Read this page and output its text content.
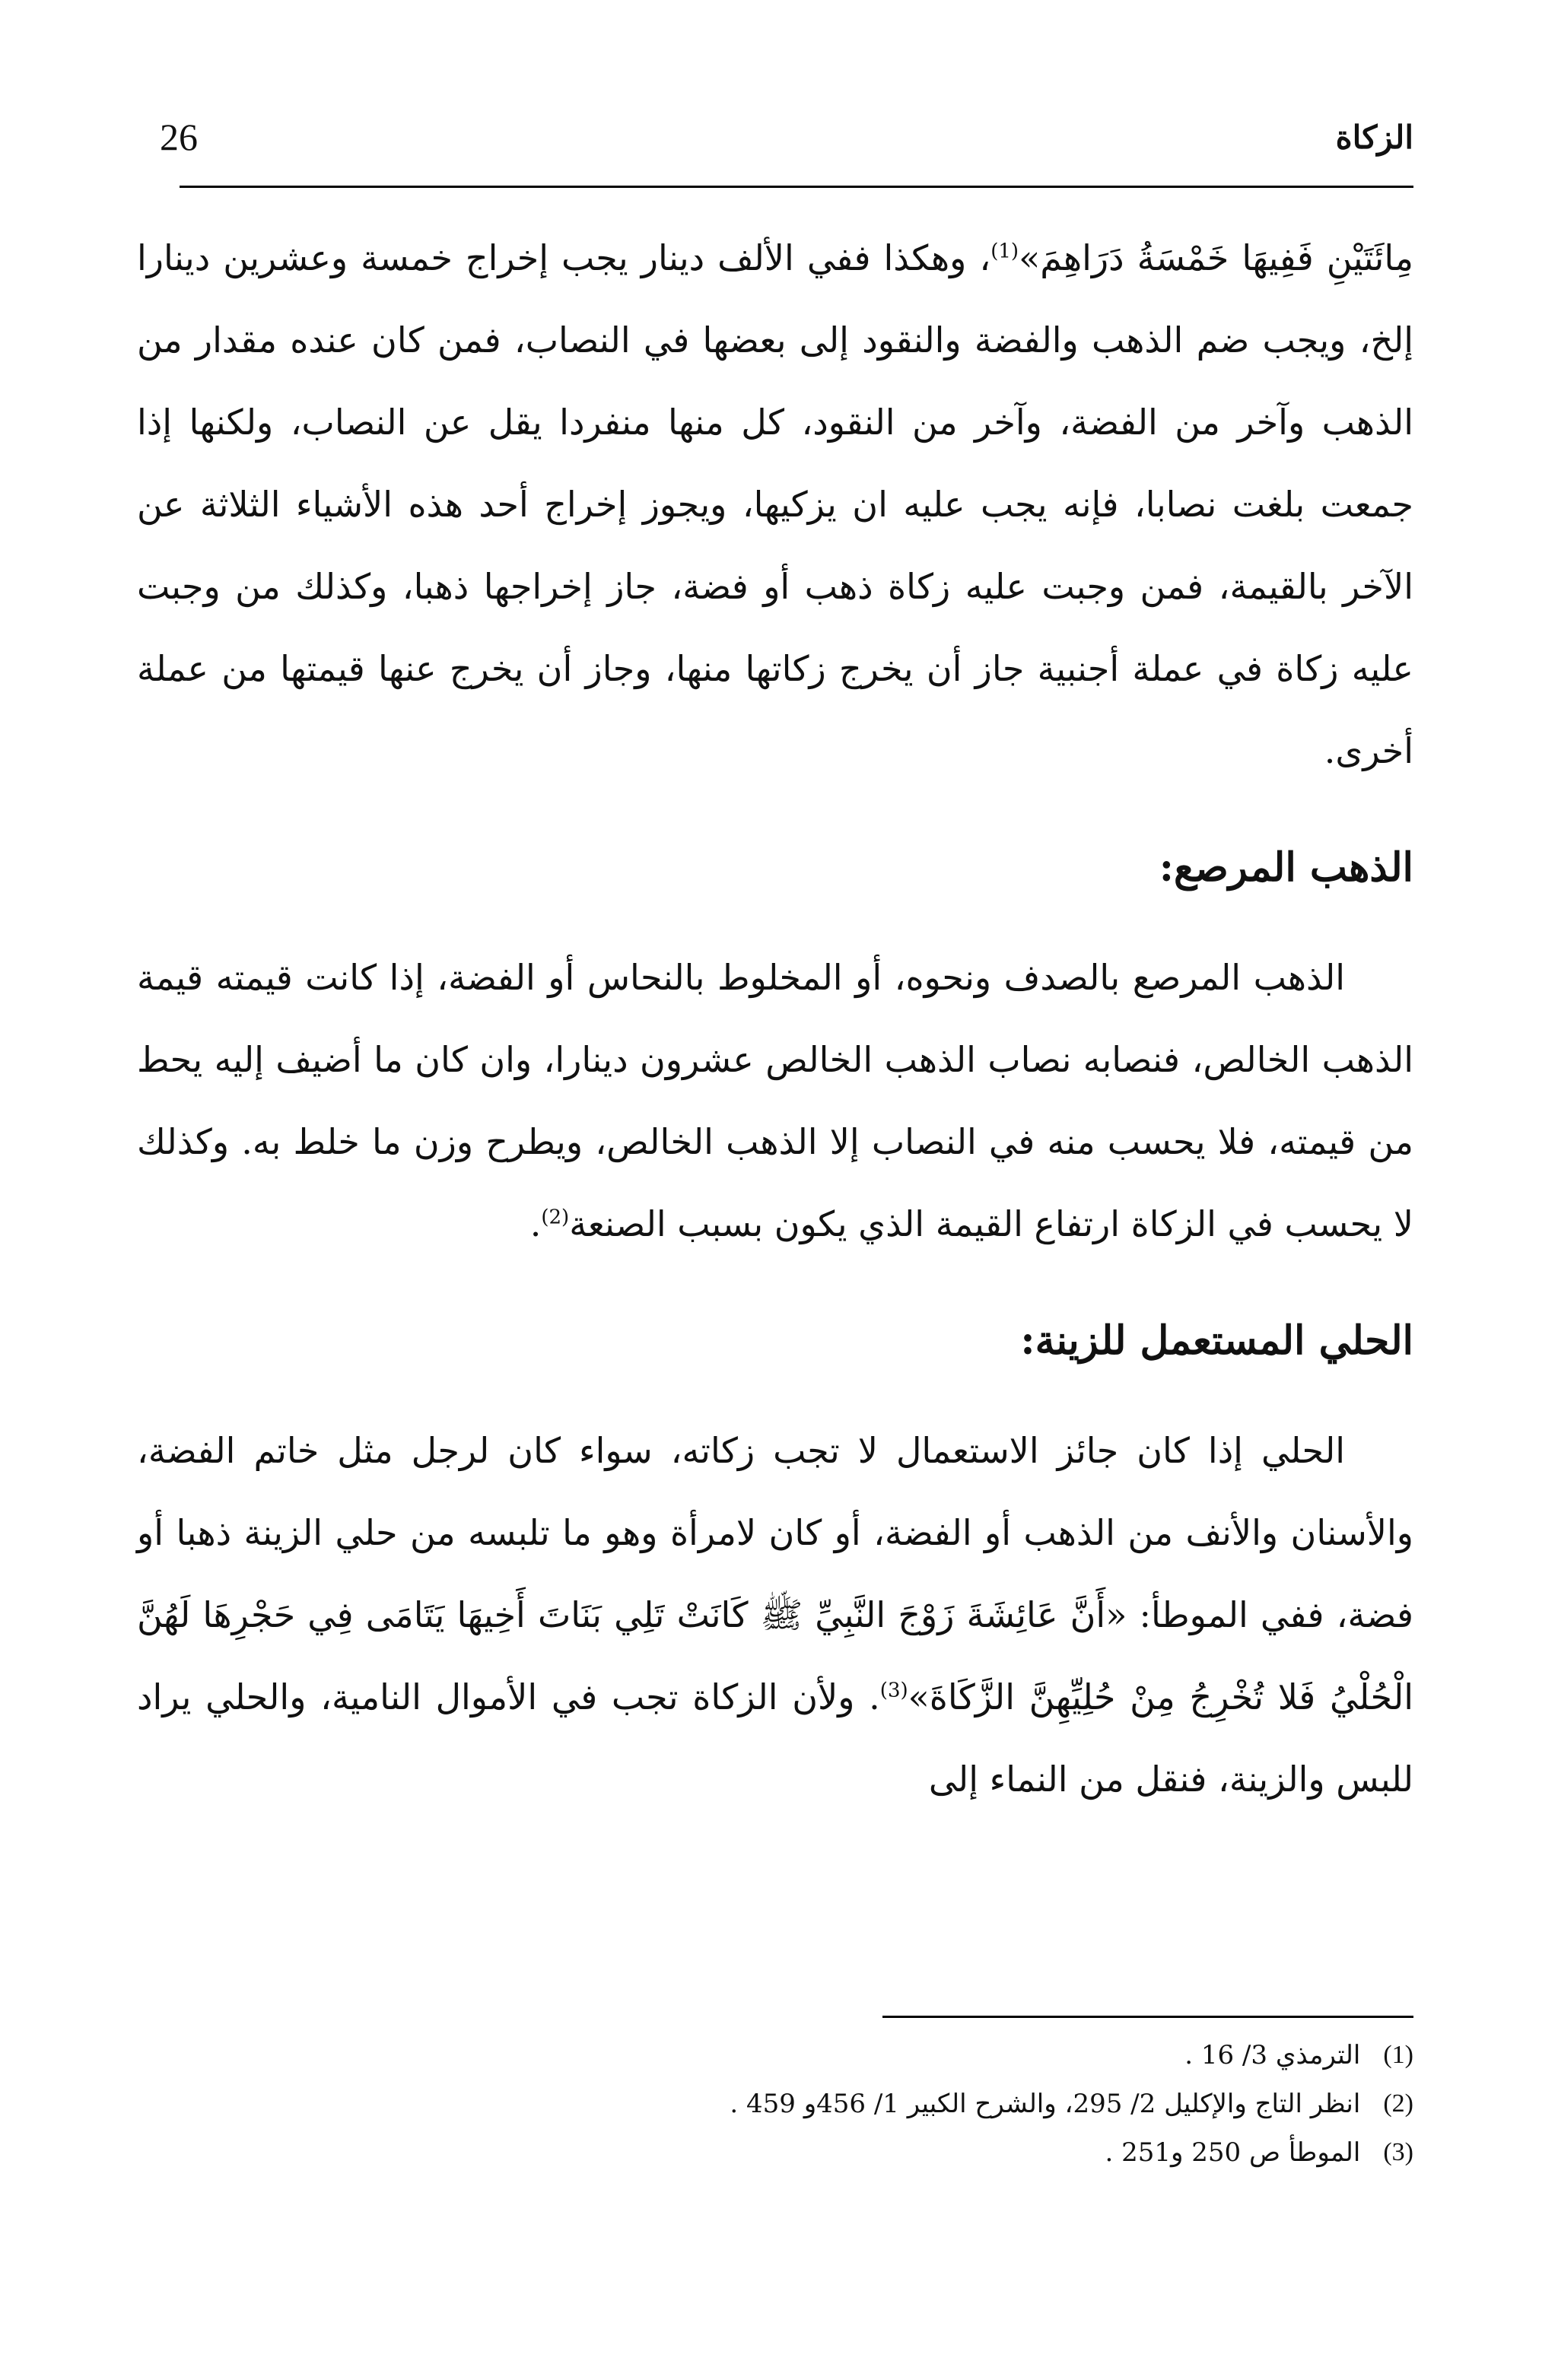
26	الزكاة

مِائَتَيْنِ فَفِيهَا خَمْسَةُ دَرَاهِمَ»$^{(1)}$، وهكذا ففي الألف دينار يجب إخراج خمسة وعشرين دينارا إلخ، ويجب ضم الذهب والفضة والنقود إلى بعضها في النصاب، فمن كان عنده مقدار من الذهب وآخر من الفضة، وآخر من النقود، كل منها منفردا يقل عن النصاب، ولكنها إذا جمعت بلغت نصابا، فإنه يجب عليه ان يزكيها، ويجوز إخراج أحد هذه الأشياء الثلاثة عن الآخر بالقيمة، فمن وجبت عليه زكاة ذهب أو فضة، جاز إخراجها ذهبا، وكذلك من وجبت عليه زكاة في عملة أجنبية جاز أن يخرج زكاتها منها، وجاز أن يخرج عنها قيمتها من عملة أخرى.

الذهب المرصع:

الذهب المرصع بالصدف ونحوه، أو المخلوط بالنحاس أو الفضة، إذا كانت قيمته قيمة الذهب الخالص، فنصابه نصاب الذهب الخالص عشرون دينارا، وان كان ما أضيف إليه يحط من قيمته، فلا يحسب منه في النصاب إلا الذهب الخالص، ويطرح وزن ما خلط به. وكذلك لا يحسب في الزكاة ارتفاع القيمة الذي يكون بسبب الصنعة$^{(2)}$.

الحلي المستعمل للزينة:

الحلي إذا كان جائز الاستعمال لا تجب زكاته، سواء كان لرجل مثل خاتم الفضة، والأسنان والأنف من الذهب أو الفضة، أو كان لامرأة وهو ما تلبسه من حلي الزينة ذهبا أو فضة، ففي الموطأ: «أَنَّ عَائِشَةَ زَوْجَ النَّبِيِّ ﷺ كَانَتْ تَلِي بَنَاتَ أَخِيهَا يَتَامَى فِي حَجْرِهَا لَهُنَّ الْحُلْيُ فَلا تُخْرِجُ مِنْ حُلِيِّهِنَّ الزَّكَاةَ»$^{(3)}$. ولأن الزكاة تجب في الأموال النامية، والحلي يراد للبس والزينة، فنقل من النماء إلى

(1)
الترمذي 3/ 16 .
(2)
انظر التاج والإكليل 2/ 295، والشرح الكبير 1/ 456و 459 .
(3)
الموطأ ص 250 و251 .
